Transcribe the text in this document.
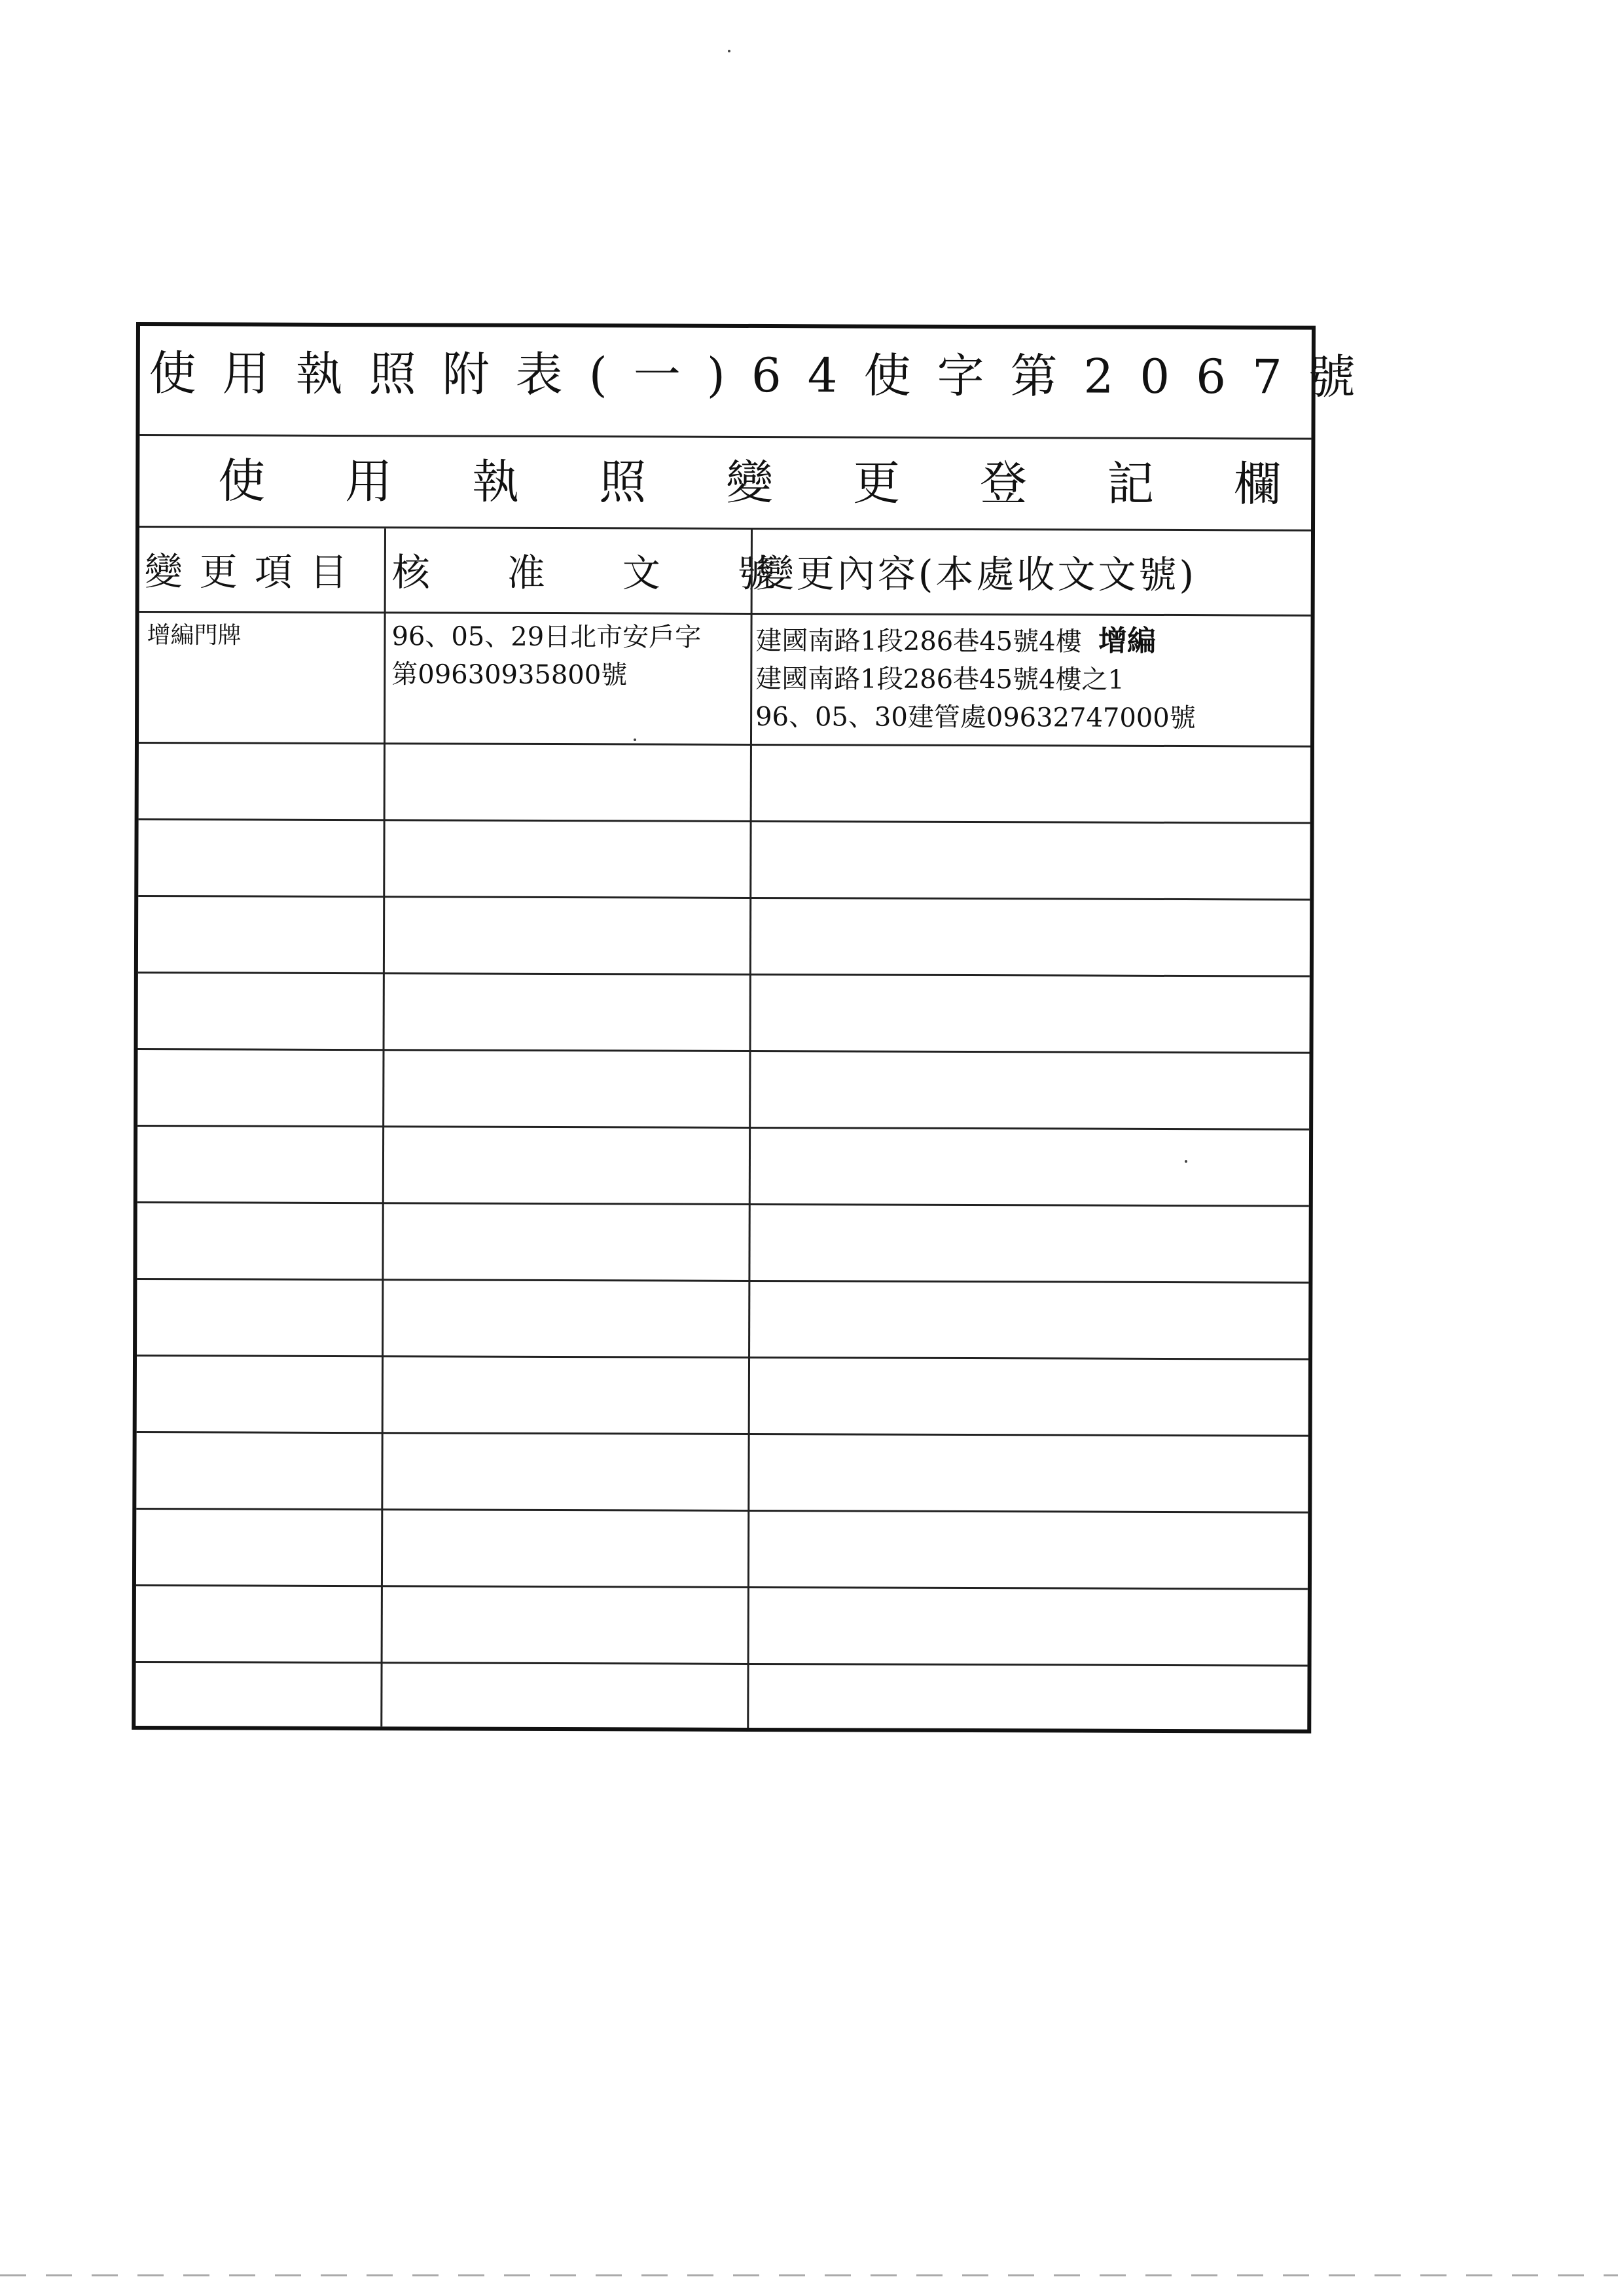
使用執照附表(一)64使字第2067號
使用執照變更登記欄
變更項目 核准文號
變更內容(本處收文文號)
增編門牌	96、05、29日北市安戶字
第09630935800號
建國南路1段286巷45號4樓 增編
建國南路1段286巷45號4樓之1
96、05、30建管處09632747000號
